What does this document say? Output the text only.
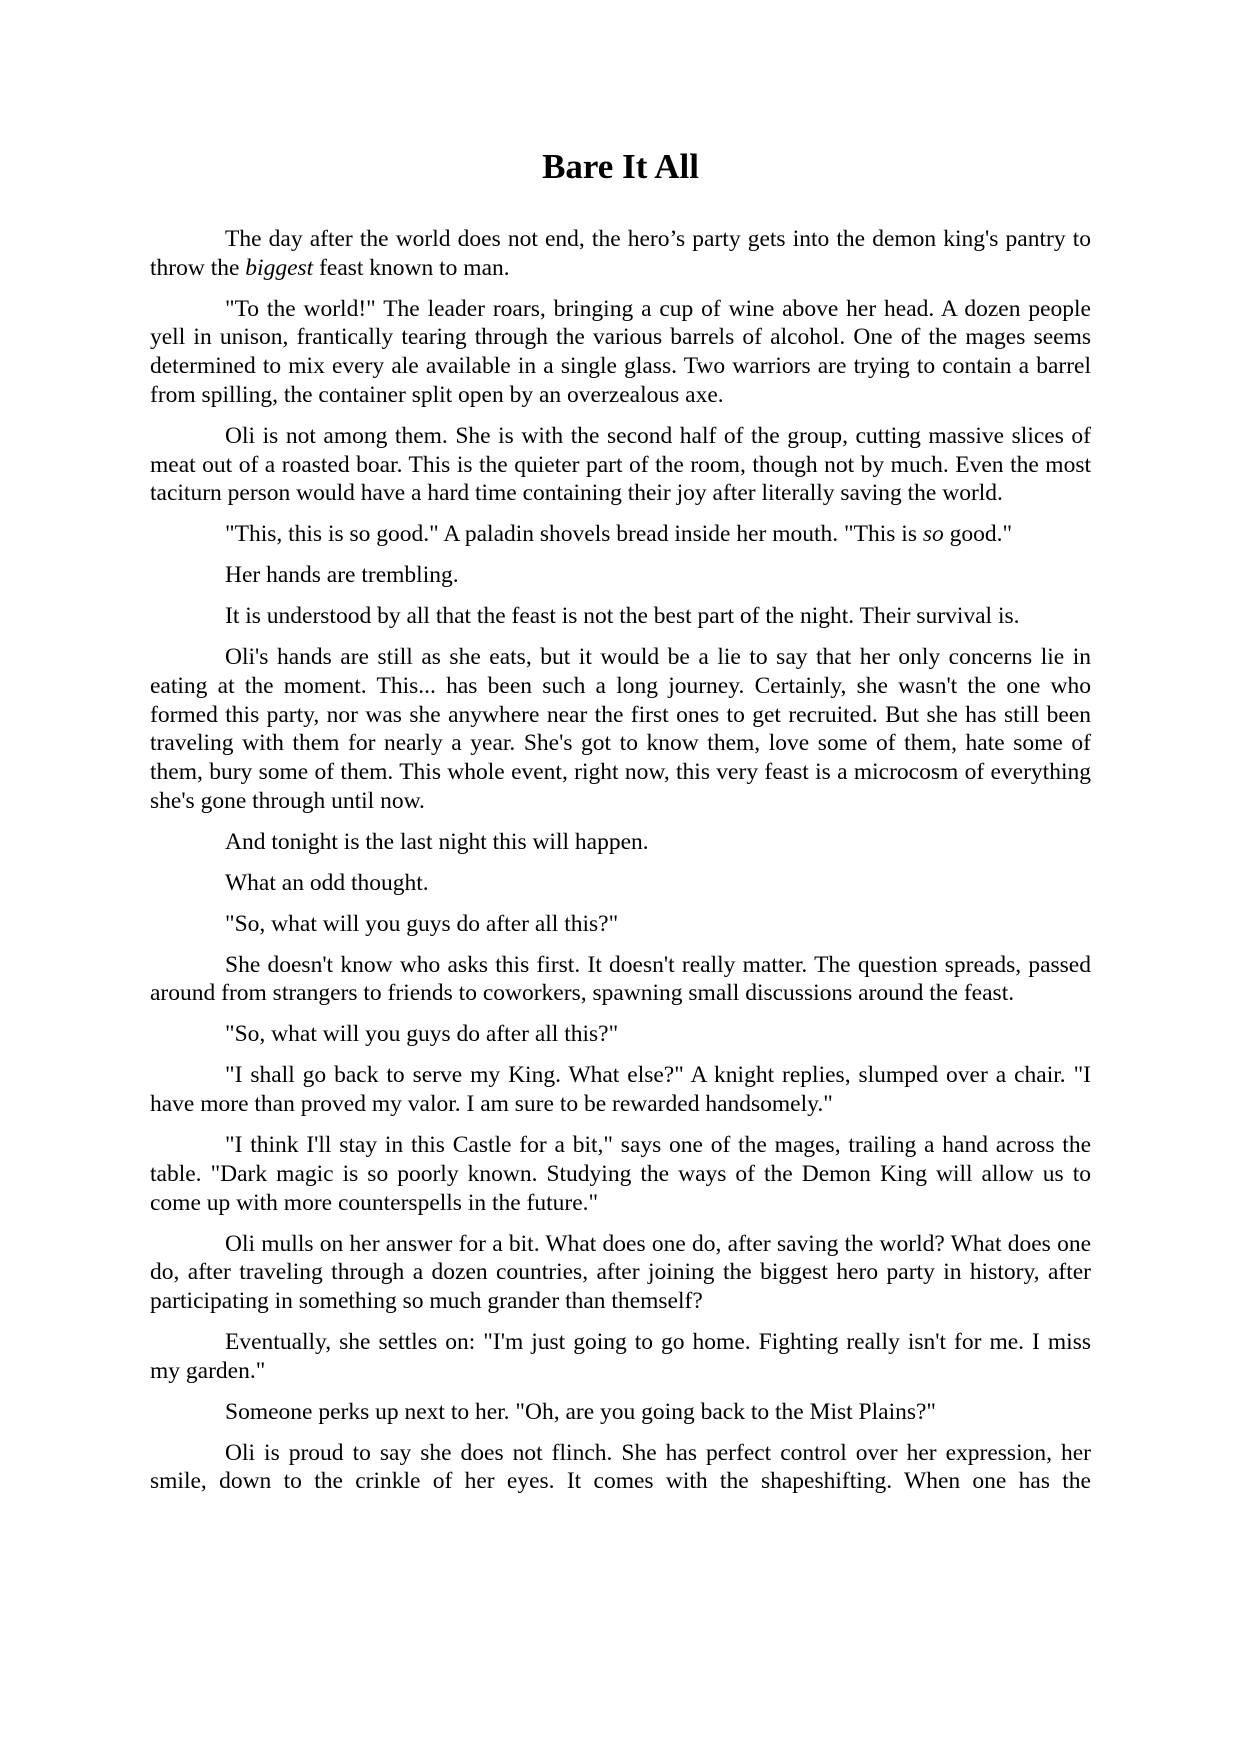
Bare It All

The day after the world does not end, the hero’s party gets into the demon king's pantry to throw the biggest feast known to man.

"To the world!" The leader roars, bringing a cup of wine above her head. A dozen people yell in unison, frantically tearing through the various barrels of alcohol. One of the mages seems determined to mix every ale available in a single glass. Two warriors are trying to contain a barrel from spilling, the container split open by an overzealous axe.

Oli is not among them. She is with the second half of the group, cutting massive slices of meat out of a roasted boar. This is the quieter part of the room, though not by much. Even the most taciturn person would have a hard time containing their joy after literally saving the world.

"This, this is so good." A paladin shovels bread inside her mouth. "This is so good."

Her hands are trembling.

It is understood by all that the feast is not the best part of the night. Their survival is.

Oli's hands are still as she eats, but it would be a lie to say that her only concerns lie in eating at the moment. This... has been such a long journey. Certainly, she wasn't the one who formed this party, nor was she anywhere near the first ones to get recruited. But she has still been traveling with them for nearly a year. She's got to know them, love some of them, hate some of them, bury some of them. This whole event, right now, this very feast is a microcosm of everything she's gone through until now.

And tonight is the last night this will happen.

What an odd thought.

"So, what will you guys do after all this?"

She doesn't know who asks this first. It doesn't really matter. The question spreads, passed around from strangers to friends to coworkers, spawning small discussions around the feast.

"So, what will you guys do after all this?"

"I shall go back to serve my King. What else?" A knight replies, slumped over a chair. "I have more than proved my valor. I am sure to be rewarded handsomely."

"I think I'll stay in this Castle for a bit," says one of the mages, trailing a hand across the table. "Dark magic is so poorly known. Studying the ways of the Demon King will allow us to come up with more counterspells in the future."

Oli mulls on her answer for a bit. What does one do, after saving the world? What does one do, after traveling through a dozen countries, after joining the biggest hero party in history, after participating in something so much grander than themself?

Eventually, she settles on: "I'm just going to go home. Fighting really isn't for me. I miss my garden."

Someone perks up next to her. "Oh, are you going back to the Mist Plains?"

Oli is proud to say she does not flinch. She has perfect control over her expression, her smile, down to the crinkle of her eyes. It comes with the shapeshifting. When one has the
